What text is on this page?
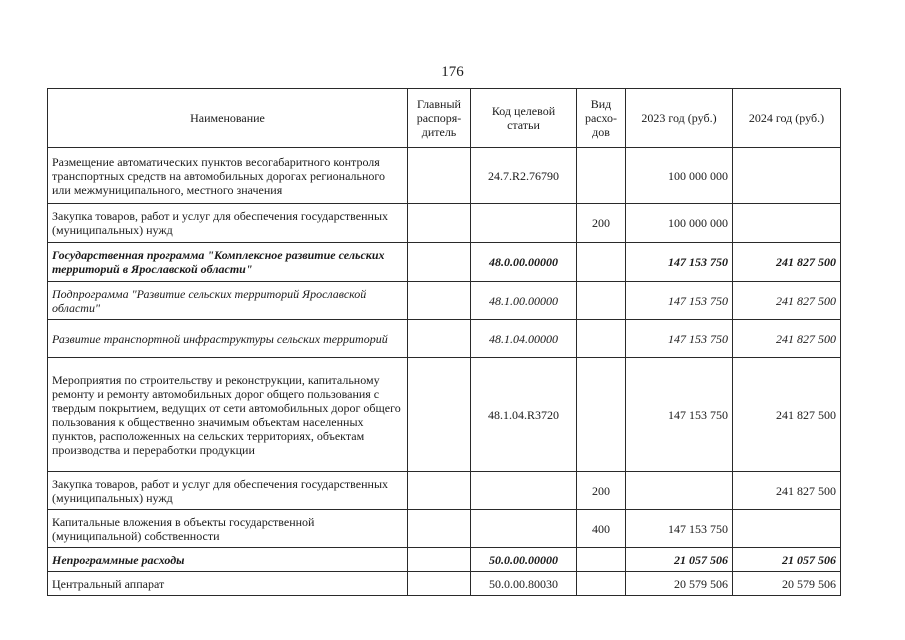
176
Наименование	Главный распоря-дитель	Код целевой статьи	Вид расхо-дов	2023 год (руб.)	2024 год (руб.)
Размещение автоматических пунктов весогабаритного контроля транспортных средств на автомобильных дорогах регионального или межмуниципального, местного значения		24.7.R2.76790		100 000 000	
Закупка товаров, работ и услуг для обеспечения государственных (муниципальных) нужд			200	100 000 000	
Государственная программа "Комплексное развитие сельских территорий в Ярославской области"		48.0.00.00000		147 153 750	241 827 500
Подпрограмма "Развитие сельских территорий Ярославской области"		48.1.00.00000		147 153 750	241 827 500
Развитие транспортной инфраструктуры сельских территорий		48.1.04.00000		147 153 750	241 827 500
Мероприятия по строительству и реконструкции, капитальному ремонту и ремонту автомобильных дорог общего пользования с твердым покрытием, ведущих от сети автомобильных дорог общего пользования к общественно значимым объектам населенных пунктов, расположенных на сельских территориях, объектам производства и переработки продукции		48.1.04.R3720		147 153 750	241 827 500
Закупка товаров, работ и услуг для обеспечения государственных (муниципальных) нужд			200		241 827 500
Капитальные вложения в объекты государственной (муниципальной) собственности			400	147 153 750	
Непрограммные расходы		50.0.00.00000		21 057 506	21 057 506
Центральный аппарат		50.0.00.80030		20 579 506	20 579 506
